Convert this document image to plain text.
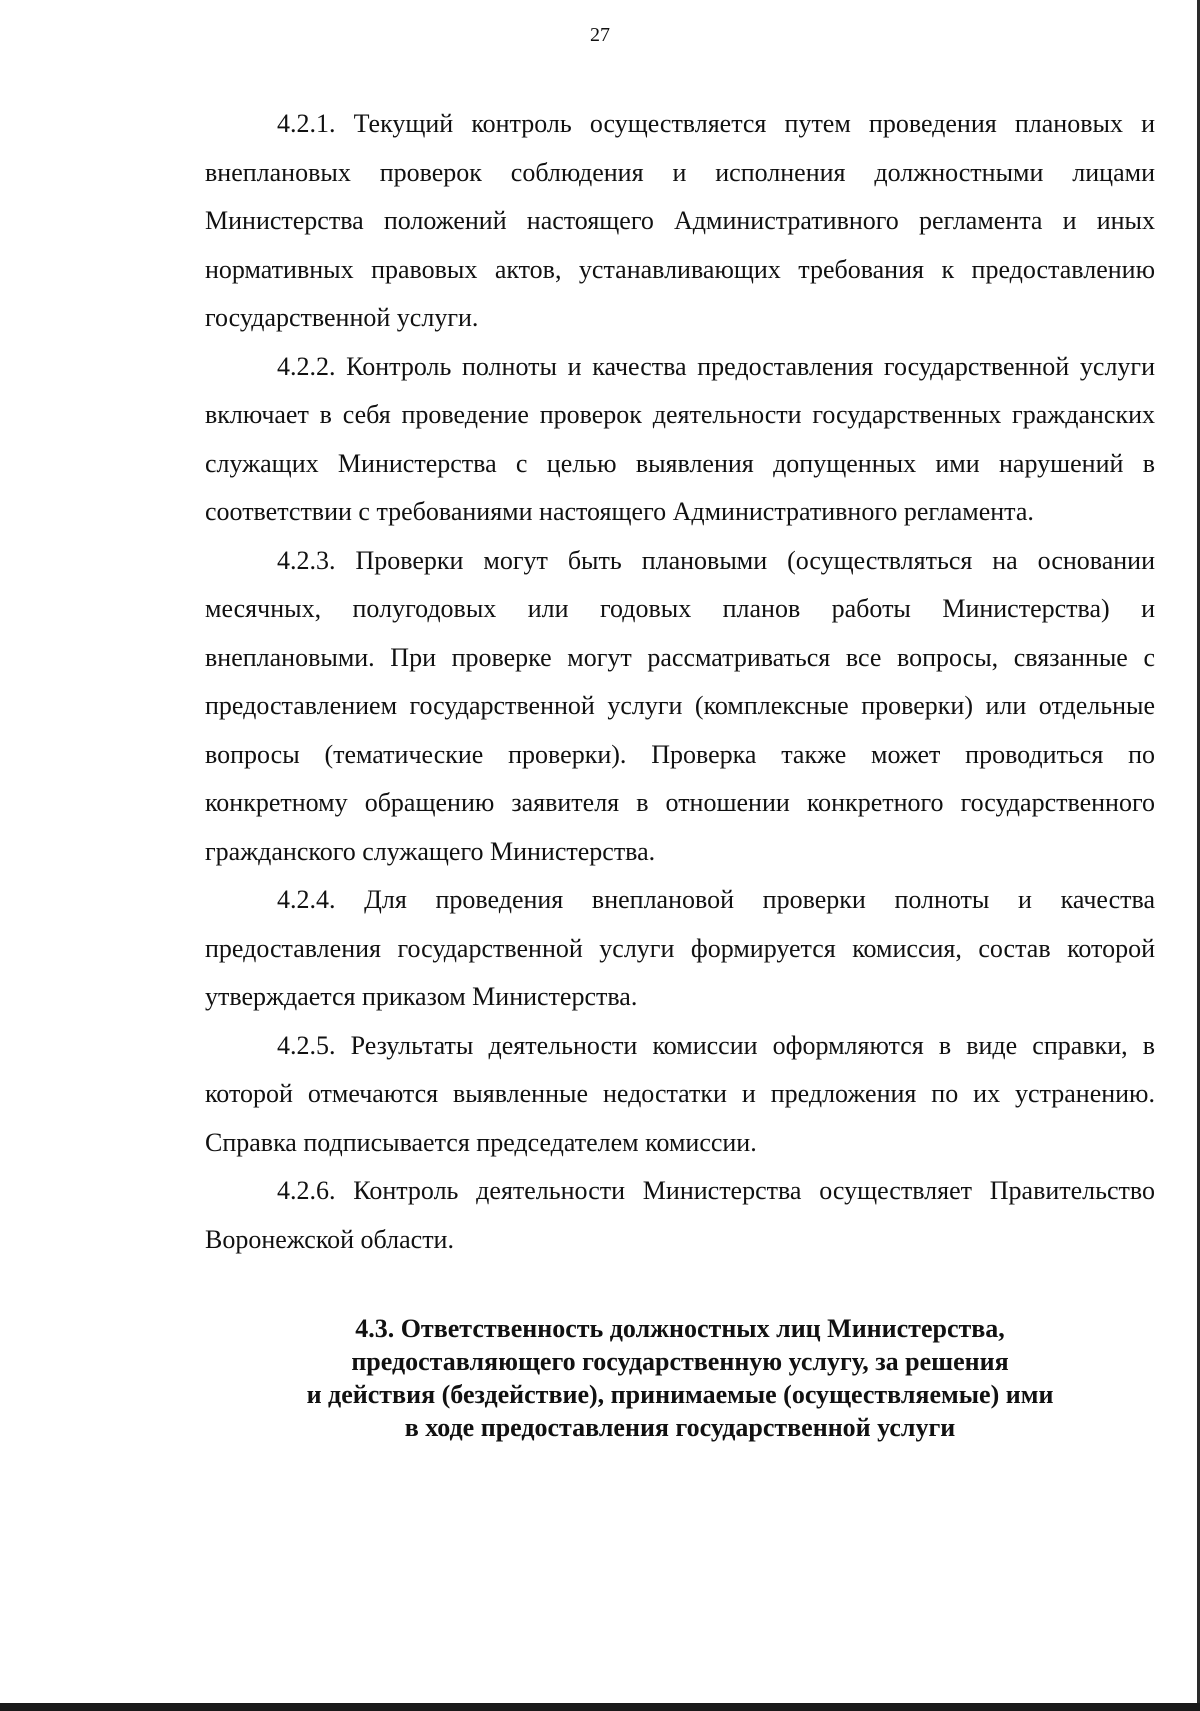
27

4.2.1. Текущий контроль осуществляется путем проведения плановых и внеплановых проверок соблюдения и исполнения должностными лицами Министерства положений настоящего Административного регламента и иных нормативных правовых актов, устанавливающих требования к предоставлению государственной услуги.

4.2.2. Контроль полноты и качества предоставления государственной услуги включает в себя проведение проверок деятельности государственных гражданских служащих Министерства с целью выявления допущенных ими нарушений в соответствии с требованиями настоящего Административного регламента.

4.2.3. Проверки могут быть плановыми (осуществляться на основании месячных, полугодовых или годовых планов работы Министерства) и внеплановыми. При проверке могут рассматриваться все вопросы, связанные с предоставлением государственной услуги (комплексные проверки) или отдельные вопросы (тематические проверки). Проверка также может проводиться по конкретному обращению заявителя в отношении конкретного государственного гражданского служащего Министерства.

4.2.4. Для проведения внеплановой проверки полноты и качества предоставления государственной услуги формируется комиссия, состав которой утверждается приказом Министерства.

4.2.5. Результаты деятельности комиссии оформляются в виде справки, в которой отмечаются выявленные недостатки и предложения по их устранению. Справка подписывается председателем комиссии.

4.2.6. Контроль деятельности Министерства осуществляет Правительство Воронежской области.

4.3. Ответственность должностных лиц Министерства,
предоставляющего государственную услугу, за решения
и действия (бездействие), принимаемые (осуществляемые) ими
в ходе предоставления государственной услуги
